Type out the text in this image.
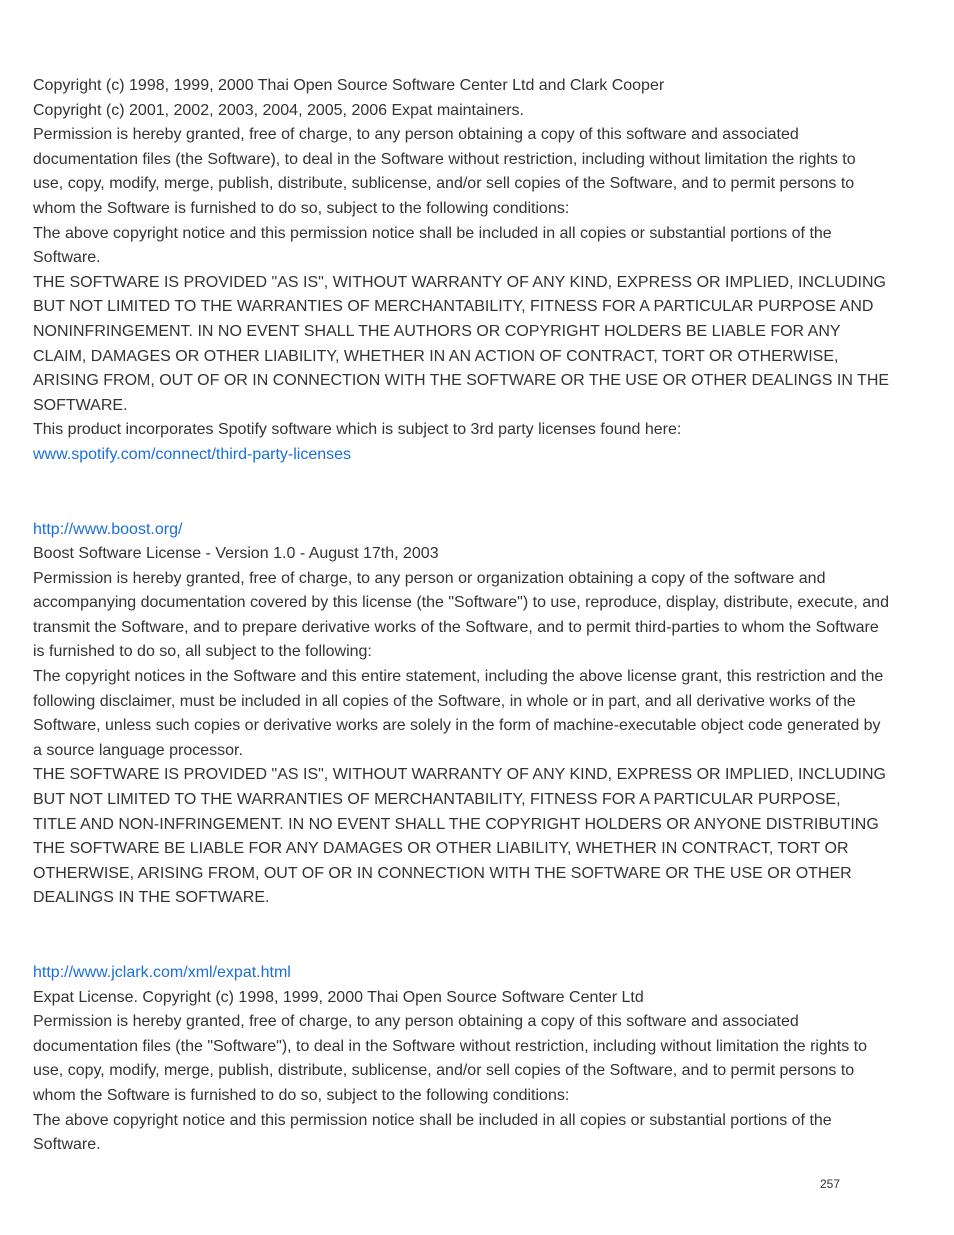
Copyright (c) 1998, 1999, 2000 Thai Open Source Software Center Ltd and Clark Cooper

Copyright (c) 2001, 2002, 2003, 2004, 2005, 2006 Expat maintainers.

Permission is hereby granted, free of charge, to any person obtaining a copy of this software and associated

documentation files (the Software), to deal in the Software without restriction, including without limitation the rights to

use, copy, modify, merge, publish, distribute, sublicense, and/or sell copies of the Software, and to permit persons to

whom the Software is furnished to do so, subject to the following conditions:

The above copyright notice and this permission notice shall be included in all copies or substantial portions of the

Software.

THE SOFTWARE IS PROVIDED "AS IS", WITHOUT WARRANTY OF ANY KIND, EXPRESS OR IMPLIED, INCLUDING

BUT NOT LIMITED TO THE WARRANTIES OF MERCHANTABILITY, FITNESS FOR A PARTICULAR PURPOSE AND

NONINFRINGEMENT. IN NO EVENT SHALL THE AUTHORS OR COPYRIGHT HOLDERS BE LIABLE FOR ANY

CLAIM, DAMAGES OR OTHER LIABILITY, WHETHER IN AN ACTION OF CONTRACT, TORT OR OTHERWISE,

ARISING FROM, OUT OF OR IN CONNECTION WITH THE SOFTWARE OR THE USE OR OTHER DEALINGS IN THE

SOFTWARE.

This product incorporates Spotify software which is subject to 3rd party licenses found here:

www.spotify.com/connect/third-party-licenses

http://www.boost.org/

Boost Software License - Version 1.0 - August 17th, 2003

Permission is hereby granted, free of charge, to any person or organization obtaining a copy of the software and

accompanying documentation covered by this license (the "Software") to use, reproduce, display, distribute, execute, and

transmit the Software, and to prepare derivative works of the Software, and to permit third-parties to whom the Software

is furnished to do so, all subject to the following:

The copyright notices in the Software and this entire statement, including the above license grant, this restriction and the

following disclaimer, must be included in all copies of the Software, in whole or in part, and all derivative works of the

Software, unless such copies or derivative works are solely in the form of machine-executable object code generated by

a source language processor.

THE SOFTWARE IS PROVIDED "AS IS", WITHOUT WARRANTY OF ANY KIND, EXPRESS OR IMPLIED, INCLUDING

BUT NOT LIMITED TO THE WARRANTIES OF MERCHANTABILITY, FITNESS FOR A PARTICULAR PURPOSE,

TITLE AND NON-INFRINGEMENT. IN NO EVENT SHALL THE COPYRIGHT HOLDERS OR ANYONE DISTRIBUTING

THE SOFTWARE BE LIABLE FOR ANY DAMAGES OR OTHER LIABILITY, WHETHER IN CONTRACT, TORT OR

OTHERWISE, ARISING FROM, OUT OF OR IN CONNECTION WITH THE SOFTWARE OR THE USE OR OTHER

DEALINGS IN THE SOFTWARE.

http://www.jclark.com/xml/expat.html

Expat License. Copyright (c) 1998, 1999, 2000 Thai Open Source Software Center Ltd

Permission is hereby granted, free of charge, to any person obtaining a copy of this software and associated

documentation files (the "Software"), to deal in the Software without restriction, including without limitation the rights to

use, copy, modify, merge, publish, distribute, sublicense, and/or sell copies of the Software, and to permit persons to

whom the Software is furnished to do so, subject to the following conditions:

The above copyright notice and this permission notice shall be included in all copies or substantial portions of the

Software.

257
